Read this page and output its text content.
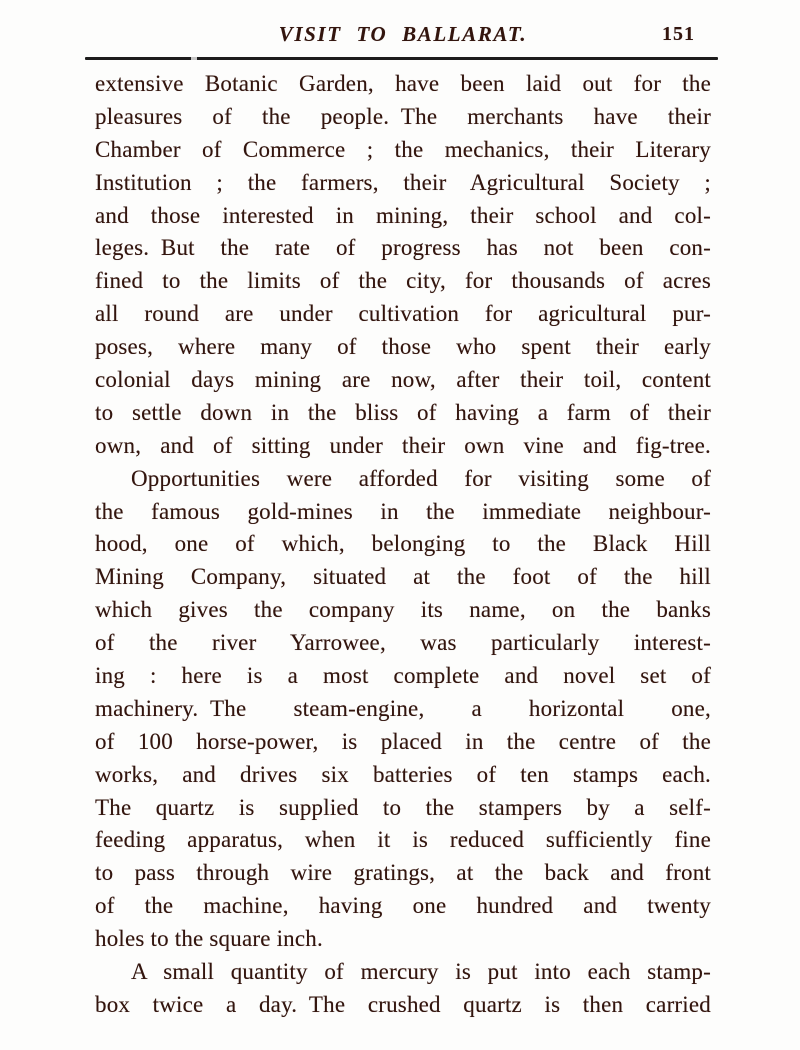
VISIT TO BALLARAT.	151
extensive Botanic Garden, have been laid out for the
pleasures of the people. The merchants have their
Chamber of Commerce ; the mechanics, their Literary
Institution ; the farmers, their Agricultural Society ;
and those interested in mining, their school and col-
leges. But the rate of progress has not been con-
fined to the limits of the city, for thousands of acres
all round are under cultivation for agricultural pur-
poses, where many of those who spent their early
colonial days mining are now, after their toil, content
to settle down in the bliss of having a farm of their
own, and of sitting under their own vine and fig-tree.
Opportunities were afforded for visiting some of
the famous gold-mines in the immediate neighbour-
hood, one of which, belonging to the Black Hill
Mining Company, situated at the foot of the hill
which gives the company its name, on the banks
of the river Yarrowee, was particularly interest-
ing : here is a most complete and novel set of
machinery. The steam-engine, a horizontal one,
of 100 horse-power, is placed in the centre of the
works, and drives six batteries of ten stamps each.
The quartz is supplied to the stampers by a self-
feeding apparatus, when it is reduced sufficiently fine
to pass through wire gratings, at the back and front
of the machine, having one hundred and twenty
holes to the square inch.
A small quantity of mercury is put into each stamp-
box twice a day. The crushed quartz is then carried
